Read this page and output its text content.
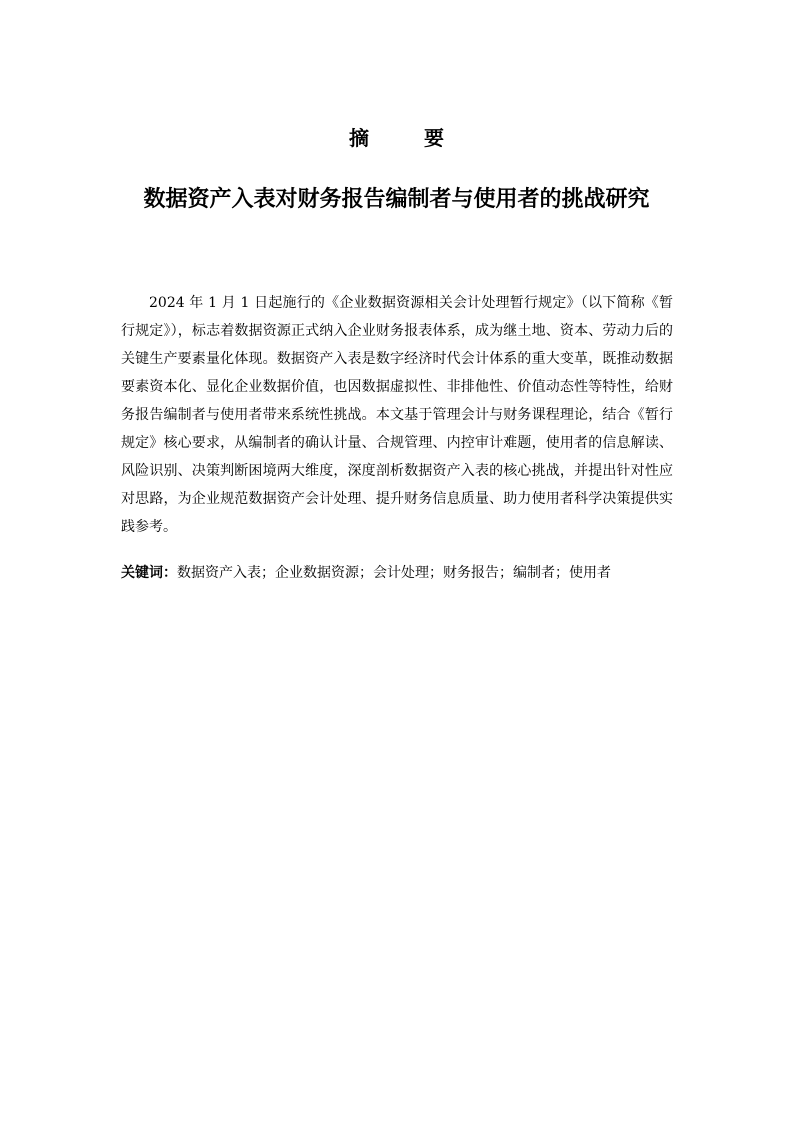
摘 要
数据资产入表对财务报告编制者与使用者的挑战研究

2024 年 1 月 1 日起施行的《企业数据资源相关会计处理暂行规定》（以下简称《暂行规定》），标志着数据资源正式纳入企业财务报表体系，成为继土地、资本、劳动力后的关键生产要素量化体现。数据资产入表是数字经济时代会计体系的重大变革，既推动数据要素资本化、显化企业数据价值，也因数据虚拟性、非排他性、价值动态性等特性，给财务报告编制者与使用者带来系统性挑战。本文基于管理会计与财务课程理论，结合《暂行规定》核心要求，从编制者的确认计量、合规管理、内控审计难题，使用者的信息解读、风险识别、决策判断困境两大维度，深度剖析数据资产入表的核心挑战，并提出针对性应对思路，为企业规范数据资产会计处理、提升财务信息质量、助力使用者科学决策提供实践参考。

关键词：数据资产入表；企业数据资源；会计处理；财务报告；编制者；使用者
